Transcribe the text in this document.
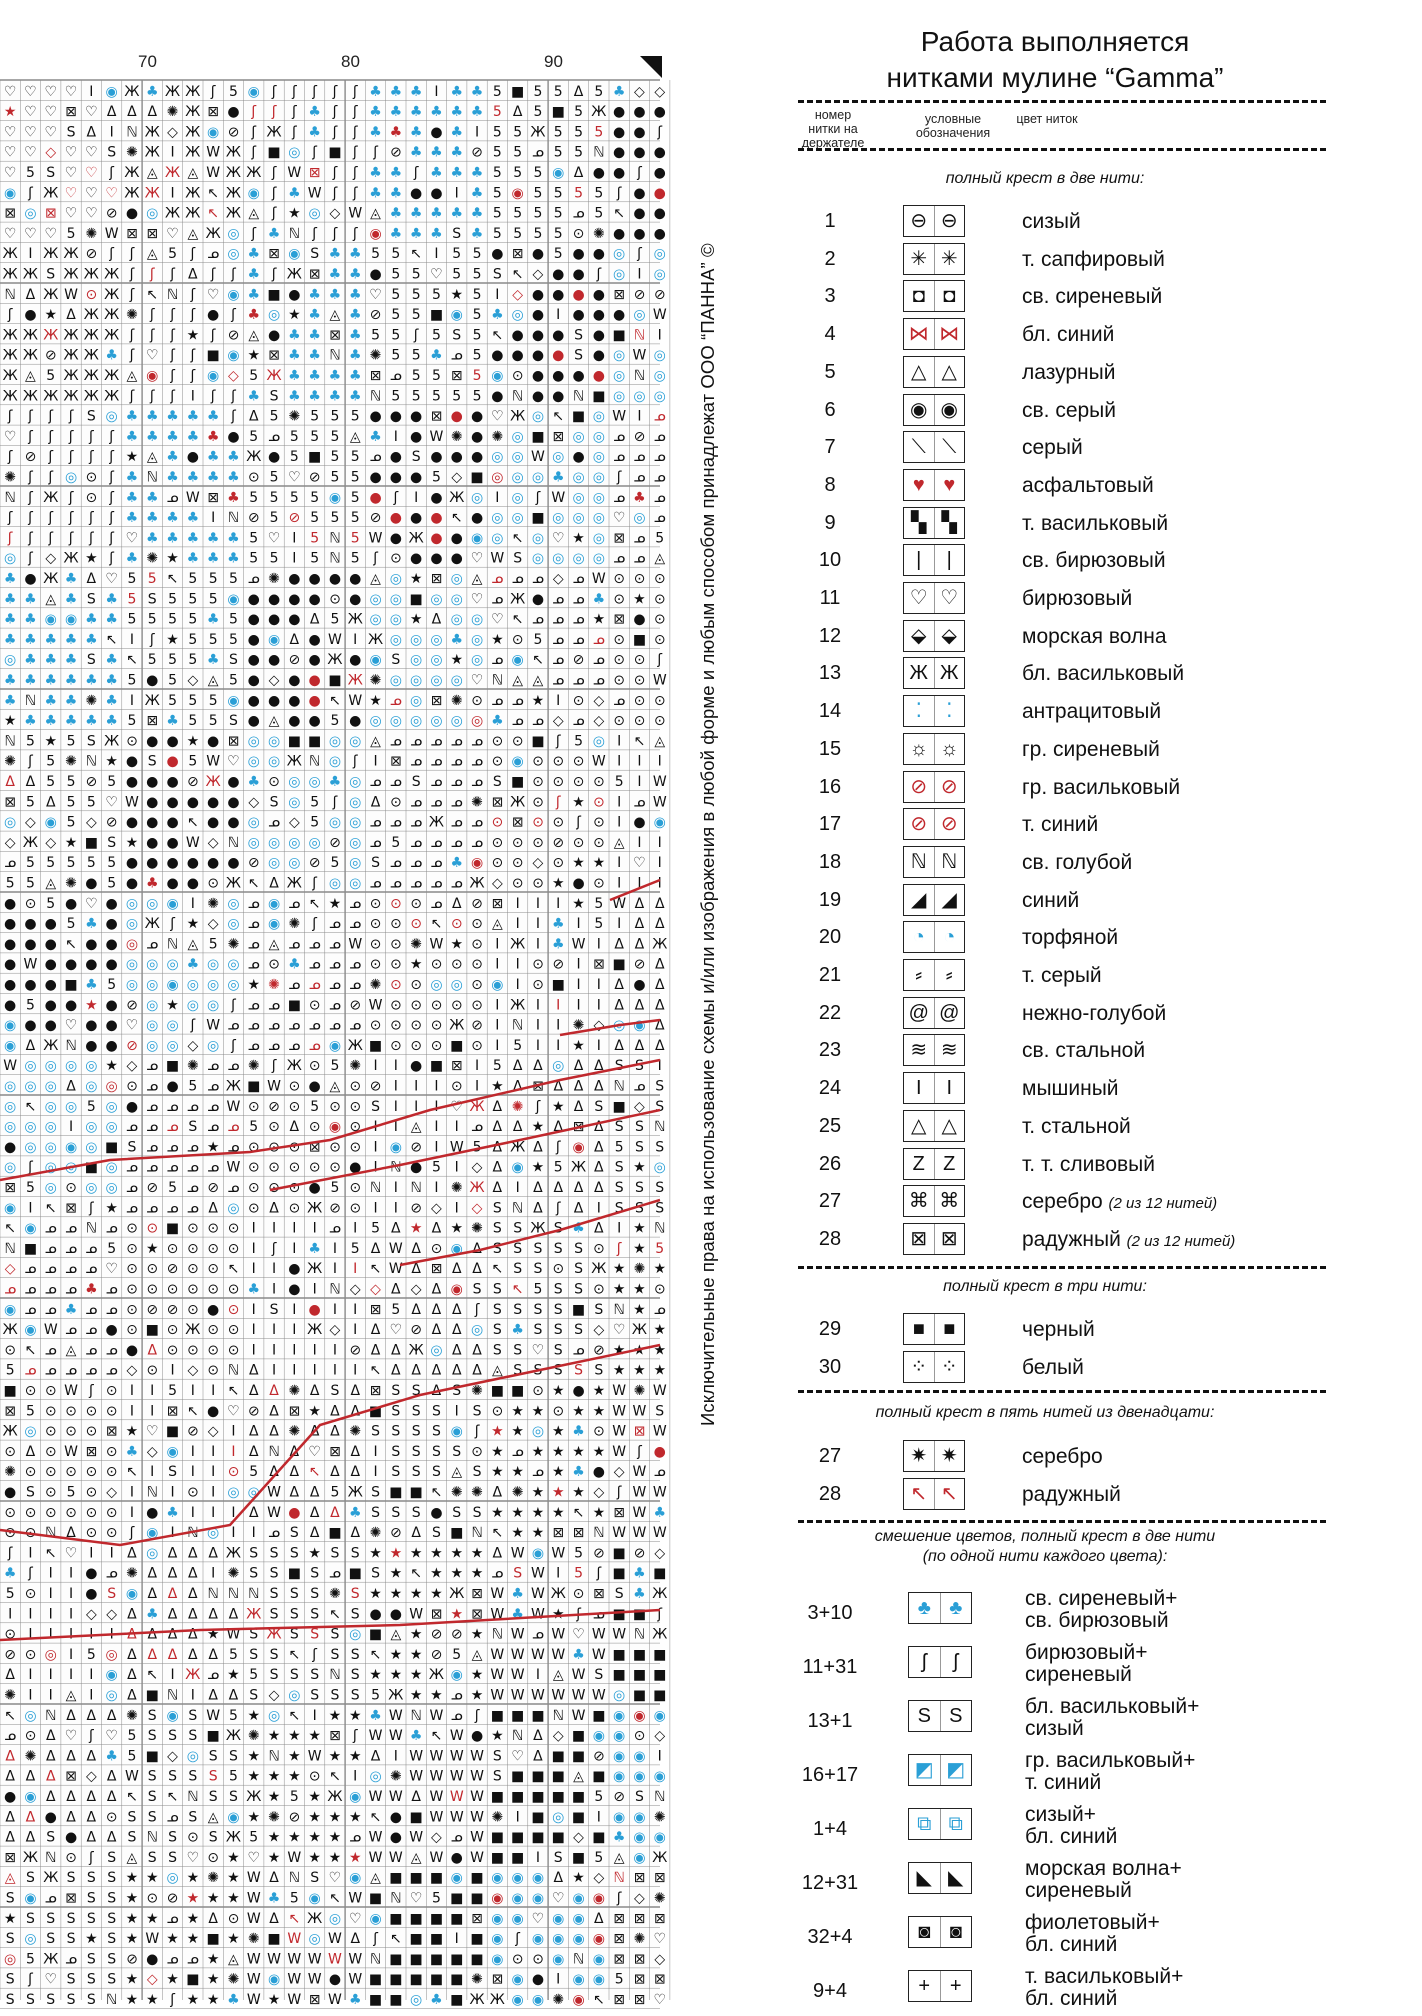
♡ ♡ ♡ ♡ I ◉ Ж ♣ Ж Ж ʃ 5 ◉ ʃ ʃ ʃ ʃ ʃ ♣ ♣ ♣ I ♣ ♣ 5 ■ 5 5 Δ 5 ♣ ◇ ◇
★ ♡ ♡ ⊠ ♡ Δ Δ Δ ✺ Ж ⊠ ● ʃ ʃ ʃ ♣ ʃ ʃ ♣ ♣ ♣ ♣ ♣ ♣ 5 Δ 5 ■ 5 Ж ● ● ●
♡ ♡ ♡ S Δ I ℕ Ж ◇ Ж ◉ ⊘ ʃ Ж ʃ ♣ ʃ ʃ ♣ ♣ ♣ ● ♣ I 5 5 Ж 5 5 5 ● ● ʃ
♡ ♡ ◇ ♡ ♡ S ✺ Ж I Ж W Ж ʃ ■ ◎ ʃ ■ ʃ ʃ ⊘ ♣ ♣ ♣ ⊘ 5 5 ᓄ 5 5 ℕ ● ● ●
♡ 5 S ♡ ♡ ʃ Ж ◬ Ж ◬ W Ж Ж ʃ W ⊠ ʃ ʃ ♣ ♣ ʃ ♣ ♣ ♣ 5 5 5 ◉ Δ ● ● ʃ ●
◉ ʃ Ж ♡ ♡ ♡ Ж Ж I Ж ↖ Ж ◉ ʃ ♣ W ʃ ʃ ♣ ♣ ● ● I ♣ 5 ◉ 5 5 5 5 ʃ ● ●
⊠ ◎ ⊠ ♡ ♡ ⊘ ● ◎ Ж Ж ↖ Ж ◬ ʃ ★ ◎ ◇ W ◬ ♣ ♣ ♣ ♣ ♣ 5 5 5 5 ᓄ 5 ↖ ● ●
♡ ♡ ♡ 5 ✺ W ⊠ ⊠ ♡ ◬ Ж ◎ ʃ ♣ ℕ ʃ ʃ ʃ ◉ ♣ ♣ ♣ S ♣ 5 5 5 5 ⊙ ✺ ● ● ●
Ж I Ж Ж ⊘ ʃ ʃ ◬ 5 ʃ ᓄ ◎ ♣ ⊠ ◉ S ♣ ♣ 5 5 ↖ I 5 5 ● ⊠ ● 5 ● ● ◎ ʃ ◎
Ж Ж S Ж Ж Ж ʃ ʃ ʃ Δ ʃ ʃ ♣ ʃ Ж ⊠ ♣ ♣ ● 5 5 ♡ 5 5 S ↖ ◇ ● ● ʃ ◎ I ◎
ℕ Δ Ж W ⊙ Ж ʃ ↖ ℕ ʃ ♡ ◉ ♣ ■ ● ♣ ♣ ♣ ♡ 5 5 5 ★ 5 I ◇ ● ● ● ● ⊠ ⊘ ⊘
ʃ ● ★ Δ Ж Ж ✺ ʃ ʃ ʃ ● ʃ ♣ ◎ ★ ♣ ◬ ♣ ⊘ 5 5 ■ ◉ 5 ♣ ◎ ● I ● ● ● ◎ W
Ж Ж Ж Ж Ж Ж ʃ ʃ ʃ ★ ʃ ⊘ ◬ ● ♣ ♣ ⊠ ♣ 5 5 ʃ 5 S 5 ↖ ● ● ● S ● ■ ℕ I
Ж Ж ⊘ Ж Ж ♣ ʃ ♡ ʃ ʃ ■ ◉ ★ ⊠ ♣ ♣ ℕ ♣ ✺ 5 5 ♣ ᓄ 5 ● ● ● ● S ● ◎ W ◎
Ж ◬ 5 Ж Ж Ж ◬ ◉ ʃ ʃ ◉ ◇ 5 Ж ♣ ♣ ♣ ♣ ⊠ ᓄ 5 5 ⊠ 5 ◉ ⊙ ● ● ● ● ◎ ℕ ◎
Ж Ж Ж Ж Ж Ж ʃ ʃ ʃ I ʃ ʃ ♣ S ♣ ♣ ♣ ♣ ℕ 5 5 5 5 5 ● ℕ ● ● ℕ ■ ◎ ◎ ◎
ʃ ʃ ʃ ʃ S ◎ ♣ ♣ ♣ ♣ ♣ ʃ Δ 5 ✺ 5 5 5 ● ● ● ⊠ ● ● ♡ Ж ◎ ↖ ■ ◎ W I ᓄ
♡ ʃ ʃ ʃ ʃ ʃ ♣ ♣ ♣ ♣ ♣ ● 5 ᓄ 5 5 5 ◬ ♣ I ● W ✺ ● ✺ ◎ ■ ⊠ ◎ ◎ ᓄ ⊘ ᓄ
ʃ ⊘ ʃ ʃ ʃ ʃ ★ ◬ ♣ ● ♣ ♣ Ж ● 5 ■ 5 5 ᓄ ● S ● ● ● ◎ ◎ W ◎ ● ◎ ᓄ ᓄ ᓄ
✺ ʃ ʃ ◎ ⊙ ʃ ♣ ℕ ♣ ♣ ♣ ♣ ⊙ 5 ♡ ⊘ 5 5 ● ● ● 5 ◇ ■ ◎ ◎ ◎ ♣ ◎ ◎ ʃ ᓄ ᓄ
ℕ ʃ Ж ʃ ⊙ ʃ ♣ ♣ ᓄ W ⊠ ♣ 5 5 5 5 ◉ 5 ● ʃ I ● Ж ◎ I ◎ ʃ W ◎ ◎ ᓄ ♣ ᓄ
ʃ ʃ ʃ ʃ ʃ ʃ ♣ ♣ ♣ ♣ I ℕ ⊘ 5 ⊘ 5 5 5 ⊘ ● ● ● ↖ ● ◎ ◎ ■ ◎ ◎ ◎ ♡ ◎ ᓄ
ʃ ʃ ʃ ʃ ʃ ʃ ♡ ♣ ♣ ♣ ♣ ♣ 5 ♡ I 5 ℕ 5 W ● Ж ● ● ◉ ◎ ↖ ◎ ♡ ★ ◎ ⊠ ᓄ 5
◎ ʃ ◇ Ж ★ ʃ ♣ ✺ ★ ♣ ♣ ♣ 5 5 I 5 ℕ 5 ʃ ⊙ ● ● ● ♡ W S ◎ ◎ ◎ ◎ ᓄ ᓄ ◬
♣ ● Ж ♣ Δ ♡ 5 5 ↖ 5 5 5 ᓄ ✺ ● ● ● ● ◬ ◎ ★ ⊠ ◎ ◬ ᓄ ᓄ ᓄ ◇ ᓄ W ⊙ ⊙ ⊙
♣ ♣ ◬ ♣ S ♣ 5 S 5 5 5 ◉ ● ● ● ● ⊙ ● ◎ ◎ ■ ◎ ◎ ♡ ᓄ Ж ● ᓄ ᓄ ♣ ⊙ ★ ⊙
♣ ♣ ◉ ◉ ♣ ♣ 5 5 5 5 ♣ 5 ● ● ● Δ 5 Ж ◎ ◎ ★ Δ ◎ ◎ ♡ ↖ ᓄ ᓄ ᓄ ★ ⊠ ● ⊙
♣ ♣ ♣ ♣ ♣ ↖ I ʃ ★ 5 5 5 ● ◉ Δ ● W I Ж ◎ ◎ ◎ ♣ ◎ ★ ⊙ 5 ᓄ ᓄ ᓄ ⊙ ■ ⊙
◎ ♣ ♣ ♣ S ♣ ↖ 5 5 5 ♣ S ● ● ⊘ ● Ж ● ◉ S ◎ ◎ ★ ◎ ᓄ ◉ ↖ ᓄ ⊘ ᓄ ⊙ ⊙ ʃ
♣ ♣ ♣ ♣ ♣ ♣ 5 ● 5 ◇ ◬ 5 ● ◇ ● ● ■ Ж ✺ ◎ ◎ ◎ ◎ ♡ ℕ ◬ ◬ ᓄ ᓄ ᓄ ⊙ ⊙ W
♣ ℕ ♣ ♣ ✺ ♣ I Ж 5 5 5 ◉ ● ● ● ● ↖ W ★ ᓄ ◎ ⊠ ✺ ⊙ ᓄ ᓄ ★ I ⊙ ◇ ᓄ ⊙ ⊙
★ ♣ ♣ ♣ ♣ ♣ 5 ⊠ ♣ 5 5 S ● ◬ ● ● 5 ● ◎ ◎ ◎ ◎ ◎ ◎ ♣ ᓄ ᓄ ◇ ᓄ ◇ ⊙ ⊙ ⊙
ℕ 5 ★ 5 S Ж ⊙ ● ● ★ ● ⊠ ◎ ◎ ■ ■ ◎ ◎ ◬ ᓄ ᓄ ᓄ ᓄ ᓄ ⊙ ⊙ ■ ʃ 5 ◎ I ↖ ◬
✺ ʃ 5 ✺ ℕ ★ ● S ● 5 W ♡ ◎ ◎ Ж ℕ ◎ ʃ I ⊠ ᓄ ᓄ ᓄ ᓄ ⊙ ◉ ⊙ ⊙ ⊙ W I I I
Δ Δ 5 5 ⊘ 5 ● ● ● ⊘ Ж ● ♣ ⊙ ◎ ◎ ♣ ◎ ᓄ ᓄ S ᓄ ᓄ ᓄ S ■ ⊙ ⊙ ⊙ ⊙ 5 I W
⊠ 5 Δ 5 5 ♡ W ● ● ● ● ● ◇ S ◎ 5 ʃ ◎ Δ ⊙ ᓄ ᓄ ᓄ ✺ ⊠ Ж ⊙ ʃ ★ ⊙ I ᓄ W
◎ ◇ ◉ 5 ◇ ⊘ ● ● ● ↖ ● ● ◎ ᓄ ◇ 5 ◎ ◎ ᓄ ᓄ ᓄ Ж ᓄ ᓄ ⊙ ⊠ ⊙ ⊙ ʃ ⊙ I ● ◉
◇ Ж ◇ ★ ■ S ★ ● ● W ◇ ℕ ◎ ◎ ◎ ◎ ⊘ ◎ ᓄ 5 ᓄ ᓄ ᓄ ᓄ ⊙ ⊙ ⊙ ⊘ ⊙ ⊙ ◬ I I
ᓄ 5 5 5 5 5 ● ● ● ● ● ● ⊘ ◎ ◎ ⊘ 5 ◎ S ᓄ ᓄ ᓄ ♣ ◉ ⊙ ⊙ ◇ ⊙ ★ ★ I ♡ I
5 5 ◬ ✺ ● 5 ● ♣ ● ● ⊙ Ж ↖ Δ Ж ʃ ◎ ◎ ᓄ ᓄ ᓄ ᓄ ᓄ Ж ◇ ⊙ ⊙ ★ ● ⊙ I I I
● ⊙ 5 ● ♡ ● ◎ ◎ ◉ I ✺ ◎ ᓄ ◉ ᓄ ↖ ★ ᓄ ⊙ ⊙ ⊙ ᓄ Δ ⊘ ⊠ I I I ★ 5 W Δ Δ
● ● ● 5 ♣ ● ◎ Ж ʃ ★ ◇ ◎ ᓄ ◉ ✺ ʃ ᓄ ᓄ ⊙ ⊙ ⊙ ↖ ⊙ ⊙ ◬ I I ♣ I 5 I Δ Δ
● ● ● ↖ ● ● ◎ ᓄ ℕ ◬ 5 ✺ ᓄ ◬ ᓄ ᓄ ᓄ W ⊙ ⊙ ✺ W ★ ⊙ I Ж I ♣ W I Δ Δ Ж
● W ● ● ● ● ◎ ◎ ◎ ♣ ◎ ◎ ᓄ ⊙ ♣ ᓄ ᓄ ᓄ ⊙ ⊙ ★ ⊙ ⊙ ⊙ I I ⊙ ⊘ I ⊠ ■ ⊘ Δ
● ● ● ■ ♣ 5 ◎ ◎ ◉ ◎ ◎ ◎ ★ ✺ ᓄ ᓄ ᓄ ᓄ ✺ ⊙ ⊙ ◎ ◎ ⊙ ◉ I ⊙ ■ I I Δ ● Δ
● 5 ● ● ★ ● ⊘ ◎ ★ ◎ ◎ ʃ ᓄ ᓄ ■ ⊙ ᓄ ⊘ W ⊙ ⊙ ⊙ ⊙ ⊙ I Ж I I I I Δ Δ Δ
◉ ● ● ♡ ● ● ♡ ◎ ◎ ʃ W ᓄ ᓄ ᓄ ᓄ ᓄ ᓄ ᓄ ⊙ ⊙ ⊙ ⊙ Ж ⊘ I ℕ I I ✺ ◇ ◎ ◉ Δ
◉ Δ Ж ℕ ● ● ⊘ ◎ ◎ ◇ ◎ ʃ ᓄ ᓄ ᓄ ᓄ ◉ Ж ■ ⊙ ⊙ ⊙ ■ ⊙ I 5 I I ★ I Δ Δ Δ
W ◎ ◎ ◎ ◎ ★ ◇ ᓄ ■ ✺ ᓄ ᓄ ✺ ʃ Ж ⊙ 5 ✺ I I ● ■ ⊠ I 5 Δ Δ ◎ Δ Δ S S I
◎ ◎ ◎ Δ ◎ ◎ ⊙ ᓄ ● 5 ᓄ Ж ■ W ⊙ ● ◬ ⊙ ⊘ I I I ⊙ I ★ Δ ⊠ Δ Δ Δ ℕ ᓄ S
◎ ↖ ◎ ◎ 5 ◎ ● ᓄ ᓄ ᓄ ᓄ W ⊙ ⊘ ⊙ 5 ⊙ ⊙ S I I I ♡ Ж Δ ✺ ʃ ★ Δ S ■ ◇ S
◎ ◎ ◎ I ◎ ◎ ᓄ ᓄ ᓄ S ᓄ ᓄ 5 ⊙ Δ ⊙ ◉ ⊙ I I ◬ I I ᓄ Δ Δ ★ Δ ⊠ Δ S S ℕ
● ◎ ◎ ◉ ◎ ■ S ᓄ ᓄ ᓄ ★ ᓄ ⊙ ⊙ ⊙ ⊠ ⊙ ⊙ I ◉ ⊘ I W 5 Δ Ж Δ ʃ ◉ Δ 5 S S
◎ ʃ ◎ ◎ ■ ◎ ᓄ ᓄ ᓄ ᓄ ᓄ W ⊙ ⊙ ⊙ ⊙ ⊙ ● I ℕ ● 5 I ◇ Δ ◉ ★ 5 Ж Δ S ★ ◎
⊠ 5 ◎ ⊙ ◎ ◎ ᓄ ⊘ 5 ᓄ ⊘ ᓄ ⊙ ⊙ ⊙ ● 5 ⊙ ℕ I ℕ I ✺ Ж Δ I Δ Δ Δ Δ S S S
◉ I ↖ ⊠ ʃ ★ ᓄ ᓄ ᓄ ᓄ Δ ◎ ⊙ Δ ⊙ Ж ⊘ ⊙ I I ⊘ ◇ I ◇ S ℕ Δ ʃ Δ I S S S
↖ ◉ ᓄ ᓄ ℕ ᓄ ⊙ ⊙ ■ ⊙ ⊙ ⊙ I I I I ᓄ I 5 Δ ★ Δ ★ ✺ S S Ж S ♣ Δ I ★ ℕ
ℕ ■ ᓄ ᓄ ᓄ 5 ⊙ ★ ⊙ ⊙ ⊙ ⊙ I ʃ I ♣ I 5 Δ W Δ ⊙ ◉ Δ S S S S S ⊙ ʃ ★ 5
◇ ᓄ ᓄ ᓄ ᓄ ♡ ⊙ ⊙ ⊘ ⊙ ⊙ ↖ I I ● Ж I I ↖ W Δ ⊠ Δ Δ ↖ S S ⊙ S Ж ★ ✺ ★
ᓄ ᓄ ᓄ ᓄ ♣ ᓄ ⊙ ⊙ ⊙ ⊙ ⊙ ⊙ ♣ I ● I ℕ ◇ ◇ Δ ◇ Δ ◉ S S ↖ 5 S S ⊙ ★ ★ ⊙
◉ ᓄ ᓄ ♣ ᓄ ᓄ ⊙ ⊘ ⊘ ⊙ ● ⊙ I S I ● I I ⊠ 5 Δ Δ Δ ʃ S S S S ■ S ℕ ★ ᓄ
Ж ◉ W ᓄ ᓄ ● ⊙ ■ ⊙ Ж ⊙ ⊙ I I I Ж ◇ I Δ ♡ ⊘ Δ Δ ◎ S ♣ S S S ◇ ♡ Ж ★
⊙ ↖ ᓄ ◬ ᓄ ᓄ ● Δ ⊙ ⊙ ⊙ ⊙ I I I I I ⊘ Δ Δ Ж ◎ Δ Δ S S ♡ S ᓄ ⊘ ★ ★ ★
5 ᓄ ᓄ ᓄ ᓄ ᓄ ◇ ⊙ I ◇ ⊙ ℕ Δ I I I I I ↖ Δ Δ Δ Δ Δ ◬ S S S S S ★ ★ ★
■ ⊙ ⊙ W ʃ ⊙ I I 5 I I ↖ Δ Δ ✺ Δ S Δ ⊠ S S Δ S ✺ ■ ■ ⊙ ★ ● ★ W ✺ W
⊠ 5 ⊙ ⊙ ⊙ ⊙ I I ⊠ ↖ ● ♡ ⊘ Δ ⊠ ★ Δ Δ ■ S S S I S ⊙ ★ ★ ⊙ ★ ★ W W S
Ж ◎ ⊙ ⊙ ⊙ ⊠ ★ ♡ ■ ⊘ ◇ I Δ Δ ✺ Δ Δ ✺ S S S S ◉ ʃ ★ ★ ◎ ★ ♣ ⊙ W ⊠ W
⊙ Δ ⊙ W ⊠ ⊙ ♣ ◇ ◉ I I I Δ ℕ Δ ♡ ⊠ Δ I S S S S ⊙ ★ ᓄ ★ ★ ★ ★ W ʃ ●
✺ ⊙ ⊙ ⊙ ⊙ ⊙ ↖ I S I I ⊙ 5 Δ Δ ↖ Δ Δ I S S S ◬ S ★ ★ ᓄ ★ ♣ ● ◇ W ᓄ
● S ⊙ 5 ⊙ ◇ I ℕ I ⊙ I ◎ ◎ W Δ Δ 5 Ж S ■ ■ ↖ ✺ ✺ Δ ✺ ★ ★ ★ ◇ ʃ W W
⊙ ⊙ ⊙ ⊙ ⊙ ⊙ I ● ♣ I I I Δ W ● Δ Δ ♣ S S S ● S S ★ ★ ★ ★ ↖ ★ ⊠ W ♣
⊙ ⊙ ℕ Δ ⊙ ⊙ ʃ ◉ I ℕ ◎ I I ᓄ S Δ ■ Δ ✺ ⊘ Δ S ■ ℕ ↖ ★ ★ ⊠ ⊠ ℕ W W W
ʃ I ↖ ♡ I I Δ ◎ Δ Δ Δ Ж S S S ★ S S ★ ★ ★ ★ ★ ★ Δ W ◉ W 5 ⊘ ■ ⊘ ◇
♣ ʃ I I ● ᓄ ✺ Δ Δ Δ I ✺ S S ■ S ᓄ ■ S ★ ↖ ★ ★ ★ ᓄ S W I 5 ʃ ■ ♣ ■
5 ⊙ I I ● S ◉ Δ Δ Δ ℕ ℕ ℕ S S S ✺ S ★ ★ ★ ★ Ж ⊠ W ♣ W Ж ⊙ ⊠ S ♣ Ж
I I I I ◇ ◇ Δ ♣ Δ Δ Δ Δ Ж S S S ↖ S ● ● W ⊠ ★ ⊠ W ♣ W ★ ʃ ᓄ ■ ■ ʃ
⊙ I I I I I Δ Δ Δ Δ ★ W S Ж S S S ◎ ■ ◬ ★ ⊘ ⊘ ★ ℕ W ᓄ W ♡ W W ℕ Ж
⊘ ⊙ ◎ I 5 ◎ Δ Δ Δ Δ Δ 5 S S ↖ ʃ S S ↖ ★ ★ ⊘ 5 ◬ W W W W ♣ W ■ ■ ■
Δ I I I I ◉ Δ ↖ I Ж ᓄ ★ 5 S S S ℕ S ★ ★ ★ Ж ◉ ★ W W I ◬ W S ■ ■ ■
✺ I I ◬ I ◎ Δ ■ ℕ I Δ Δ S ◇ ◎ S S S 5 Ж ★ ★ ᓄ ★ W W W W W W ◎ ■ ■
↖ ◎ ℕ Δ Δ Δ ✺ S ◉ S W 5 ★ ◎ ↖ I ★ ★ ♣ W ℕ W ᓄ ʃ ■ ■ ■ ℕ W ■ ◉ ◉ ◉
ᓄ ⊙ Δ ♡ ʃ ♡ 5 S S S ■ Ж ✺ ★ ★ ★ ⊠ ʃ W W ♣ ↖ W ● ★ ℕ Δ ◇ ■ ◉ ◉ ⊙ ◇
Δ ✺ Δ Δ Δ ♣ 5 ■ ◇ ◎ S S ★ ℕ ★ W ★ ★ Δ I W W W W S ♡ Δ ■ ■ ⊘ ◉ ◉ I
Δ Δ Δ ⊠ ◇ Δ W S S S S 5 ★ ★ ★ ⊙ ↖ I ◎ ✺ W W W W S ■ ■ ■ ◬ ■ ◉ ◉ ◉
● ◉ Δ Δ Δ Δ ↖ S ↖ ℕ S S Ж ★ 5 ★ Ж ◉ W W Δ W W W ■ ■ ■ ■ ■ 5 ⊘ S ℕ
Δ Δ ● Δ Δ ⊙ S S ᓄ S ◬ ◉ ★ ✺ ⊘ ★ ★ ★ ↖ ● ■ W W W ✺ I ■ ◎ ■ I ◉ ◉ ✺
Δ Δ S ● Δ Δ S ℕ S ⊙ S Ж 5 ★ ★ ★ ★ ᓄ W ● W ◇ ᓄ W ■ ■ ■ ■ ◇ ■ ♣ ◉ ◉
⊠ Ж ℕ ⊙ ʃ S ◬ S S ♡ ⊙ ★ ♡ ★ W ★ ★ ★ W W ◬ W ● W ■ ■ I S ■ 5 ◬ ◉ Ж
◬ S Ж S S S ★ ★ ◎ ★ ✺ ★ W Δ ℕ S ♡ ◉ ◬ ■ ■ ■ ◉ ■ ◉ ◉ ◉ Δ ★ ◇ ℕ ⊠ ⊠
S ◉ ᓄ ⊠ S S ★ ⊙ ⊘ ★ ★ ★ W ♣ 5 ◉ ↖ W ■ ℕ ♡ 5 ■ ■ ◉ ◉ ◉ ♡ ◉ ◉ ʃ ◇ ✺
★ S S S S S ★ ★ ᓄ ★ Δ ⊙ W Δ ↖ Ж ◎ ♡ ◉ ■ ■ ■ ■ ⊠ ◉ ◉ ♡ ◉ ◉ Δ ⊠ ⊠ ⊠
S ◎ S S ★ S ★ W ★ ★ ■ ★ ✺ ■ W ◎ W Δ ʃ ↖ ■ ■ I ■ ◉ ʃ ◉ ◉ ◉ ◉ ⊠ ✺ ♡
◎ 5 Ж ᓄ S S ⊘ ● ᓄ ᓄ ★ ◬ W W W W W W ℕ ■ ■ ■ ■ ■ ◉ ⊙ ⊙ ◉ ℕ ◉ ⊠ ⊠ ◇
S ʃ ♡ S S S ★ ◇ ★ ■ ★ ✺ W ◉ W W ● W ■ ■ ■ ■ ■ ✺ ⊠ ◉ ● I ◉ ◉ 5 ⊠ ⊠
S S S S S ℕ ★ ★ ʃ ★ ★ ♣ W ★ W ⊠ W ♣ ■ ■ ◎ ♣ ■ Ж Ж ◉ ◉ ✺ ◉ ↖ ⊠ ⊠ ♡
70	80	90
Исключительные права на использование схемы и/или изображения в любой форме и любым способом принадлежат ООО “ПАННА” ©
Работа выполняется
нитками мулине “Gamma”
номер нитки на держателе
условные обозначения
цвет ниток
полный крест в две нити:
1	⊖ ⊖	сизый
2	✳ ✳	т. сапфировый
3	◘ ◘	св. сиреневый
4	⋈ ⋈	бл. синий
5	△ △	лазурный
6	◉ ◉	св. серый
7	⟍ ⟍	серый
8	♥ ♥	асфальтовый
9	▚ ▚	т. васильковый
10	|	|	св. бирюзовый
11	♡ ♡	бирюзовый
12	⬙ ⬙	морская волна
13	Ж Ж	бл. васильковый
14	⁚	⁚	антрацитовый
15	☼ ☼	гр. сиреневый
16	⊘ ⊘	гр. васильковый
17	⊘ ⊘	т. синий
18	ℕ ℕ	св. голубой
19	◢ ◢	синий
20	◔ ◔	торфяной
21	⸗	⸗	т. серый
22	@ @	нежно-голубой
23	≋ ≋	св. стальной
24	I	I	мышиный
25	△ △	т. стальной
26	Z Z	т. т. сливовый
27	⌘ ⌘	серебро (2 из 12 нитей)
28	⊠ ⊠	радужный (2 из 12 нитей)
полный крест в три нити:
29	■ ■	черный
30	⁘ ⁘	белый
полный крест в пять нитей из двенадцати:
27	✷ ✷	серебро
28	↖ ↖	радужный
смешение цветов, полный крест в две нити
(по одной нити каждого цвета):
3+10	♣ ♣	св. сиреневый+
св. бирюзовый
11+31	ʃ	ʃ	бирюзовый+
сиреневый
13+1	S S	бл. васильковый+
сизый
16+17	◩ ◩	гр. васильковый+
т. синий
1+4	⧉ ⧉	сизый+
бл. синий
12+31	◣ ◣	морская волна+
сиреневый
32+4	◙ ◙	фиолетовый+
бл. синий
9+4	+ +	т. васильковый+
бл. синий
